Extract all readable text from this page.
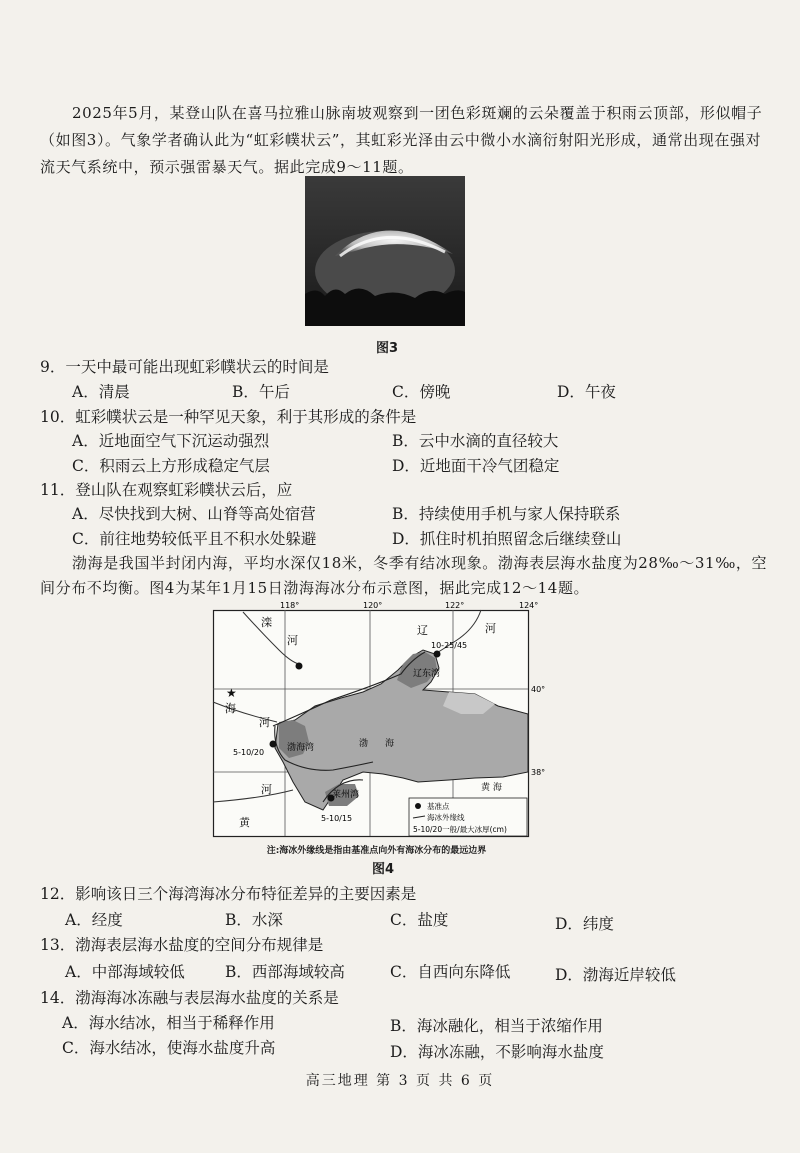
2025年5月，某登山队在喜马拉雅山脉南坡观察到一团色彩斑斓的云朵覆盖于积雨云顶部，形似帽子（如图3）。气象学者确认此为“虹彩幞状云”，其虹彩光泽由云中微小水滴衍射阳光形成，通常出现在强对流天气系统中，预示强雷暴天气。据此完成9～11题。
图3
9．一天中最可能出现虹彩幞状云的时间是
A．清晨	B．午后	C．傍晚	D．午夜
10．虹彩幞状云是一种罕见天象，利于其形成的条件是
A．近地面空气下沉运动强烈	B．云中水滴的直径较大
C．积雨云上方形成稳定气层	D．近地面干冷气团稳定
11．登山队在观察虹彩幞状云后，应
A．尽快找到大树、山脊等高处宿营	B．持续使用手机与家人保持联系
C．前往地势较低平且不积水处躲避	D．抓住时机拍照留念后继续登山
渤海是我国半封闭内海，平均水深仅18米，冬季有结冰现象。渤海表层海水盐度为28‰～31‰，空间分布不均衡。图4为某年1月15日渤海海冰分布示意图，据此完成12～14题。
★
118°	120°	122°	124°
40°
38°
滦
河
辽	河
海
河
黄
河
辽东湾
渤海湾
莱州湾
渤 海
黄 海
10-25/45
5-10/20
5-10/15
基准点
海冰外缘线
5-10/20一般/最大冰厚(cm)
注:海冰外缘线是指由基准点向外有海冰分布的最远边界
图4
12．影响该日三个海湾海冰分布特征差异的主要因素是
A．经度	B．水深	C．盐度	D．纬度
13．渤海表层海水盐度的空间分布规律是
A．中部海域较低	B．西部海域较高	C．自西向东降低	D．渤海近岸较低
14．渤海海冰冻融与表层海水盐度的关系是
A．海水结冰，相当于稀释作用	B．海冰融化，相当于浓缩作用
C．海水结冰，使海水盐度升高	D．海冰冻融，不影响海水盐度
高三地理 第 3 页 共 6 页
